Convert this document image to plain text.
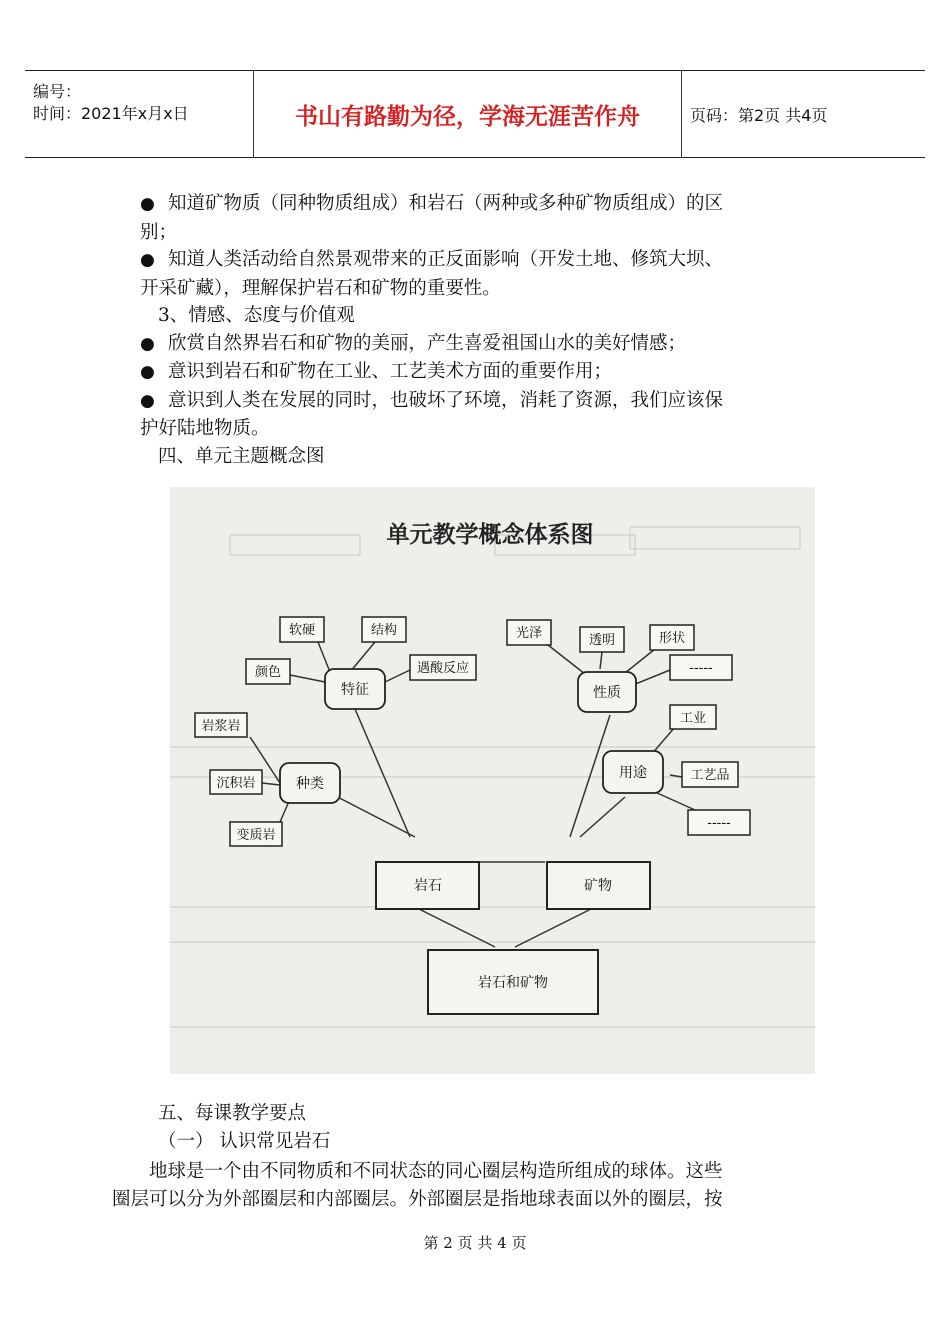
编号：
时间：2021年x月x日	书山有路勤为径，学海无涯苦作舟	页码：第2页 共4页

● 知道矿物质（同种物质组成）和岩石（两种或多种矿物质组成）的区

别；

● 知道人类活动给自然景观带来的正反面影响（开发土地、修筑大坝、

开采矿藏），理解保护岩石和矿物的重要性。

3、情感、态度与价值观

● 欣赏自然界岩石和矿物的美丽，产生喜爱祖国山水的美好情感；

● 意识到岩石和矿物在工业、工艺美术方面的重要作用；

● 意识到人类在发展的同时，也破坏了环境，消耗了资源，我们应该保

护好陆地物质。

四、单元主题概念图

单元教学概念体系图
岩石	矿物
岩石和矿物
特征
种类
性质
用途
软硬	结构
颜色	遇酸反应
岩浆岩
沉积岩
变质岩
光泽	透明	形状
-----
工业
工艺品
-----

五、每课教学要点

（一） 认识常见岩石

地球是一个由不同物质和不同状态的同心圈层构造所组成的球体。这些

圈层可以分为外部圈层和内部圈层。外部圈层是指地球表面以外的圈层，按

第 2 页 共 4 页
